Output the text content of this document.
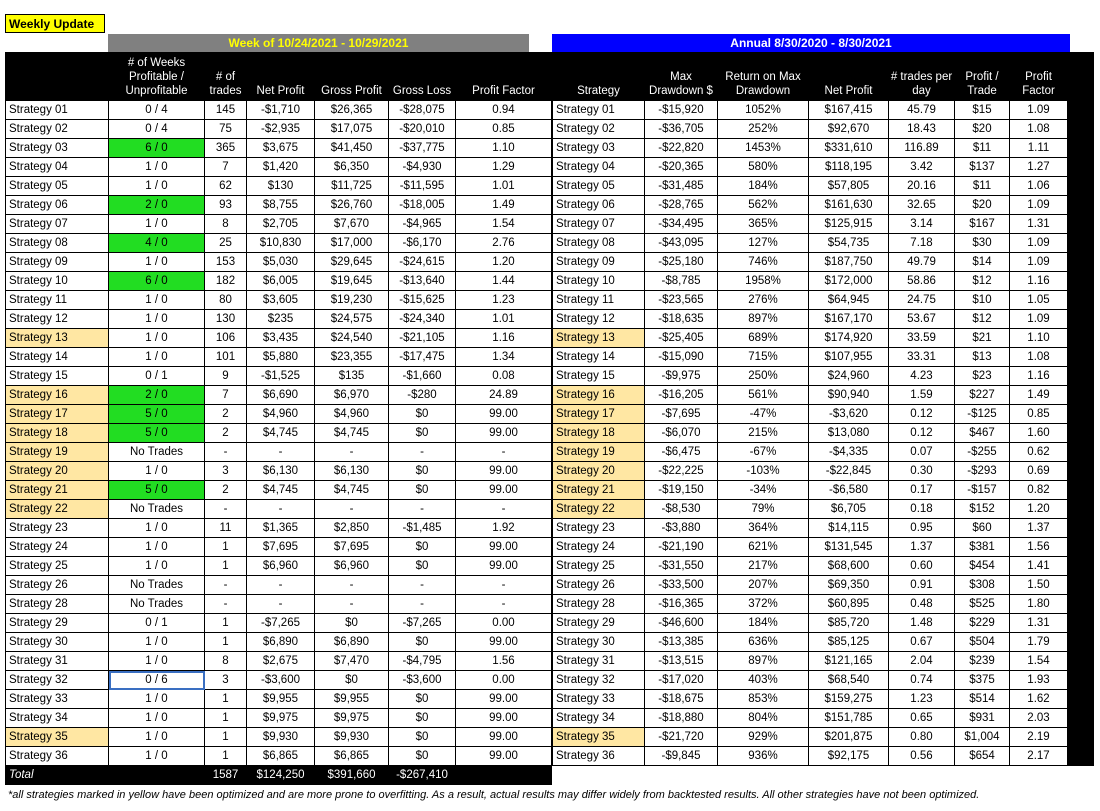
Weekly Update
Week of 10/24/2021 - 10/29/2021	Annual 8/30/2020 - 8/30/2021
	# of Weeks Profitable / Unprofitable	# of trades	Net Profit	Gross Profit	Gross Loss	Profit Factor
Strategy 01	0 / 4	145	-$1,710	$26,365	-$28,075	0.94
Strategy 02	0 / 4	75	-$2,935	$17,075	-$20,010	0.85
Strategy 03	6 / 0	365	$3,675	$41,450	-$37,775	1.10
Strategy 04	1 / 0	7	$1,420	$6,350	-$4,930	1.29
Strategy 05	1 / 0	62	$130	$11,725	-$11,595	1.01
Strategy 06	2 / 0	93	$8,755	$26,760	-$18,005	1.49
Strategy 07	1 / 0	8	$2,705	$7,670	-$4,965	1.54
Strategy 08	4 / 0	25	$10,830	$17,000	-$6,170	2.76
Strategy 09	1 / 0	153	$5,030	$29,645	-$24,615	1.20
Strategy 10	6 / 0	182	$6,005	$19,645	-$13,640	1.44
Strategy 11	1 / 0	80	$3,605	$19,230	-$15,625	1.23
Strategy 12	1 / 0	130	$235	$24,575	-$24,340	1.01
Strategy 13	1 / 0	106	$3,435	$24,540	-$21,105	1.16
Strategy 14	1 / 0	101	$5,880	$23,355	-$17,475	1.34
Strategy 15	0 / 1	9	-$1,525	$135	-$1,660	0.08
Strategy 16	2 / 0	7	$6,690	$6,970	-$280	24.89
Strategy 17	5 / 0	2	$4,960	$4,960	$0	99.00
Strategy 18	5 / 0	2	$4,745	$4,745	$0	99.00
Strategy 19	No Trades	-	-	-	-	-
Strategy 20	1 / 0	3	$6,130	$6,130	$0	99.00
Strategy 21	5 / 0	2	$4,745	$4,745	$0	99.00
Strategy 22	No Trades	-	-	-	-	-
Strategy 23	1 / 0	11	$1,365	$2,850	-$1,485	1.92
Strategy 24	1 / 0	1	$7,695	$7,695	$0	99.00
Strategy 25	1 / 0	1	$6,960	$6,960	$0	99.00
Strategy 26	No Trades	-	-	-	-	-
Strategy 28	No Trades	-	-	-	-	-
Strategy 29	0 / 1	1	-$7,265	$0	-$7,265	0.00
Strategy 30	1 / 0	1	$6,890	$6,890	$0	99.00
Strategy 31	1 / 0	8	$2,675	$7,470	-$4,795	1.56
Strategy 32	0 / 6	3	-$3,600	$0	-$3,600	0.00
Strategy 33	1 / 0	1	$9,955	$9,955	$0	99.00
Strategy 34	1 / 0	1	$9,975	$9,975	$0	99.00
Strategy 35	1 / 0	1	$9,930	$9,930	$0	99.00
Strategy 36	1 / 0	1	$6,865	$6,865	$0	99.00
Total		1587	$124,250	$391,660	-$267,410	
Strategy	Max Drawdown $	Return on Max Drawdown	Net Profit	# trades per day	Profit / Trade	Profit Factor	
Strategy 01	-$15,920	1052%	$167,415	45.79	$15	1.09	
Strategy 02	-$36,705	252%	$92,670	18.43	$20	1.08	
Strategy 03	-$22,820	1453%	$331,610	116.89	$11	1.11	
Strategy 04	-$20,365	580%	$118,195	3.42	$137	1.27	
Strategy 05	-$31,485	184%	$57,805	20.16	$11	1.06	
Strategy 06	-$28,765	562%	$161,630	32.65	$20	1.09	
Strategy 07	-$34,495	365%	$125,915	3.14	$167	1.31	
Strategy 08	-$43,095	127%	$54,735	7.18	$30	1.09	
Strategy 09	-$25,180	746%	$187,750	49.79	$14	1.09	
Strategy 10	-$8,785	1958%	$172,000	58.86	$12	1.16	
Strategy 11	-$23,565	276%	$64,945	24.75	$10	1.05	
Strategy 12	-$18,635	897%	$167,170	53.67	$12	1.09	
Strategy 13	-$25,405	689%	$174,920	33.59	$21	1.10	
Strategy 14	-$15,090	715%	$107,955	33.31	$13	1.08	
Strategy 15	-$9,975	250%	$24,960	4.23	$23	1.16	
Strategy 16	-$16,205	561%	$90,940	1.59	$227	1.49	
Strategy 17	-$7,695	-47%	-$3,620	0.12	-$125	0.85	
Strategy 18	-$6,070	215%	$13,080	0.12	$467	1.60	
Strategy 19	-$6,475	-67%	-$4,335	0.07	-$255	0.62	
Strategy 20	-$22,225	-103%	-$22,845	0.30	-$293	0.69	
Strategy 21	-$19,150	-34%	-$6,580	0.17	-$157	0.82	
Strategy 22	-$8,530	79%	$6,705	0.18	$152	1.20	
Strategy 23	-$3,880	364%	$14,115	0.95	$60	1.37	
Strategy 24	-$21,190	621%	$131,545	1.37	$381	1.56	
Strategy 25	-$31,550	217%	$68,600	0.60	$454	1.41	
Strategy 26	-$33,500	207%	$69,350	0.91	$308	1.50	
Strategy 28	-$16,365	372%	$60,895	0.48	$525	1.80	
Strategy 29	-$46,600	184%	$85,720	1.48	$229	1.31	
Strategy 30	-$13,385	636%	$85,125	0.67	$504	1.79	
Strategy 31	-$13,515	897%	$121,165	2.04	$239	1.54	
Strategy 32	-$17,020	403%	$68,540	0.74	$375	1.93	
Strategy 33	-$18,675	853%	$159,275	1.23	$514	1.62	
Strategy 34	-$18,880	804%	$151,785	0.65	$931	2.03	
Strategy 35	-$21,720	929%	$201,875	0.80	$1,004	2.19	
Strategy 36	-$9,845	936%	$92,175	0.56	$654	2.17	
*all strategies marked in yellow have been optimized and are more prone to overfitting. As a result, actual results may differ widely from backtested results. All other strategies have not been optimized.
